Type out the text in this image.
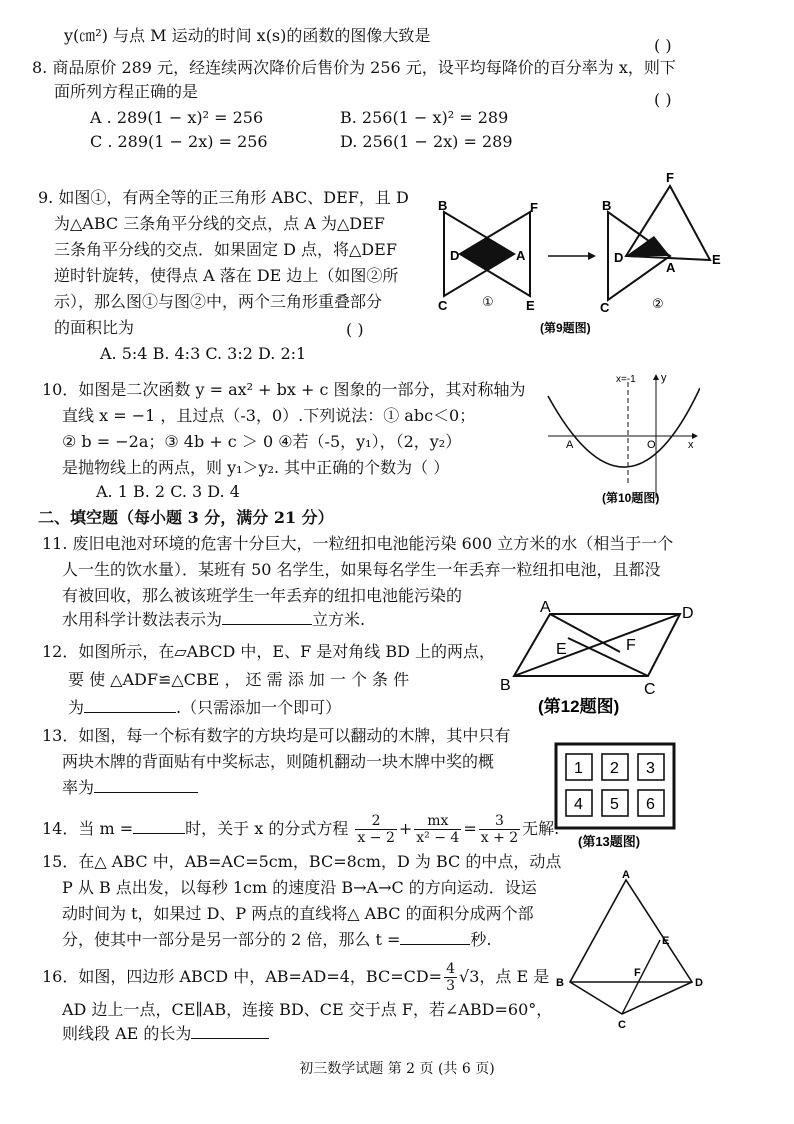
y(㎝²) 与点 M 运动的时间 x(s)的函数的图像大致是
( )
8. 商品原价 289 元，经连续两次降价后售价为 256 元，设平均每降价的百分率为 x，则下
面所列方程正确的是	( )
A . 289(1 − x)² = 256	B. 256(1 − x)² = 289
C . 289(1 − 2x) = 256	D. 256(1 − 2x) = 289
9. 如图①，有两全等的正三角形 ABC、DEF，且 D
为△ABC 三条角平分线的交点，点 A 为△DEF
三条角平分线的交点．如果固定 D 点，将△DEF
逆时针旋转，使得点 A 落在 DE 边上（如图②所
示），那么图①与图②中，两个三角形重叠部分
的面积比为	( )
A. 5:4 B. 4:3 C. 3:2 D. 2:1
B	F
D	A
C	E
①
B
F
D
A
E
C	②
(第9题图)
10．如图是二次函数 y = ax² + bx + c 图象的一部分，其对称轴为
直线 x = −1 ，且过点（-3，0）.下列说法：① abc＜0；
② b = −2a；③ 4b + c ＞ 0 ④若（-5，y₁），（2，y₂）
是抛物线上的两点，则 y₁＞y₂. 其中正确的个数为（ ）
A. 1 B. 2 C. 3 D. 4
x=-1 y
x
A	O
(第10题图)
二、填空题（每小题 3 分，满分 21 分）
11. 废旧电池对环境的危害十分巨大，一粒纽扣电池能污染 600 立方米的水（相当于一个
人一生的饮水量）．某班有 50 名学生，如果每名学生一年丢弃一粒纽扣电池，且都没
有被回收，那么被该班学生一年丢弃的纽扣电池能污染的
水用科学计数法表示为	立方米.
12．如图所示，在▱ABCD 中，E、F 是对角线 BD 上的两点，
要 使 △ADF≌△CBE ， 还 需 添 加 一 个 条 件
为	.（只需添加一个即可）
A	D
E	F
B	C
(第12题图)
13．如图，每一个标有数字的方块均是可以翻动的木牌，其中只有
两块木牌的背面贴有中奖标志，则随机翻动一块木牌中奖的概
率为
1 2 3
4 5 6
(第13题图)
14．当 m =	时，关于 x 的分式方程 $\frac{2}{x - 2} + \frac{mx}{\text{x² − 4}} = \frac{3}{x + 2}$ 无解.
15．在△ ABC 中，AB=AC=5cm，BC=8cm，D 为 BC 的中点，动点
P 从 B 点出发，以每秒 1cm 的速度沿 B→A→C 的方向运动．设运
动时间为 t，如果过 D、P 两点的直线将△ ABC 的面积分成两个部
分，使其中一部分是另一部分的 2 倍，那么 t =	秒.
16．如图，四边形 ABCD 中，AB=AD=4，$BC=CD= \frac{4}{3} √3$，点 E 是
AD 边上一点，CE∥AB，连接 BD、CE 交于点 F，若∠ABD=60°，
则线段 AE 的长为
A
E
F
B	D
C
初三数学试题 第 2 页 (共 6 页)
